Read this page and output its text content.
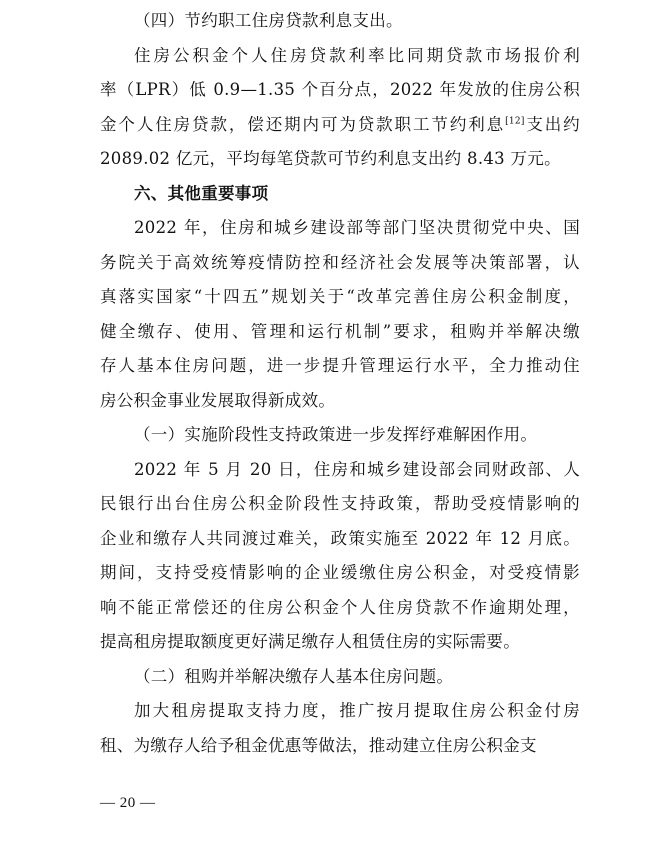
（四）节约职工住房贷款利息支出。
住房公积金个人住房贷款利率比同期贷款市场报价利
率（LPR）低 0.9—1.35 个百分点，2022 年发放的住房公积
金个人住房贷款，偿还期内可为贷款职工节约利息[12]支出约
2089.02 亿元，平均每笔贷款可节约利息支出约 8.43 万元。
六、其他重要事项
2022 年，住房和城乡建设部等部门坚决贯彻党中央、国
务院关于高效统筹疫情防控和经济社会发展等决策部署，认
真落实国家“十四五”规划关于“改革完善住房公积金制度，
健全缴存、使用、管理和运行机制”要求，租购并举解决缴
存人基本住房问题，进一步提升管理运行水平，全力推动住
房公积金事业发展取得新成效。
（一）实施阶段性支持政策进一步发挥纾难解困作用。
2022 年 5 月 20 日，住房和城乡建设部会同财政部、人
民银行出台住房公积金阶段性支持政策，帮助受疫情影响的
企业和缴存人共同渡过难关，政策实施至 2022 年 12 月底。
期间，支持受疫情影响的企业缓缴住房公积金，对受疫情影
响不能正常偿还的住房公积金个人住房贷款不作逾期处理，
提高租房提取额度更好满足缴存人租赁住房的实际需要。
（二）租购并举解决缴存人基本住房问题。
加大租房提取支持力度，推广按月提取住房公积金付房
租、为缴存人给予租金优惠等做法，推动建立住房公积金支
— 20 —
